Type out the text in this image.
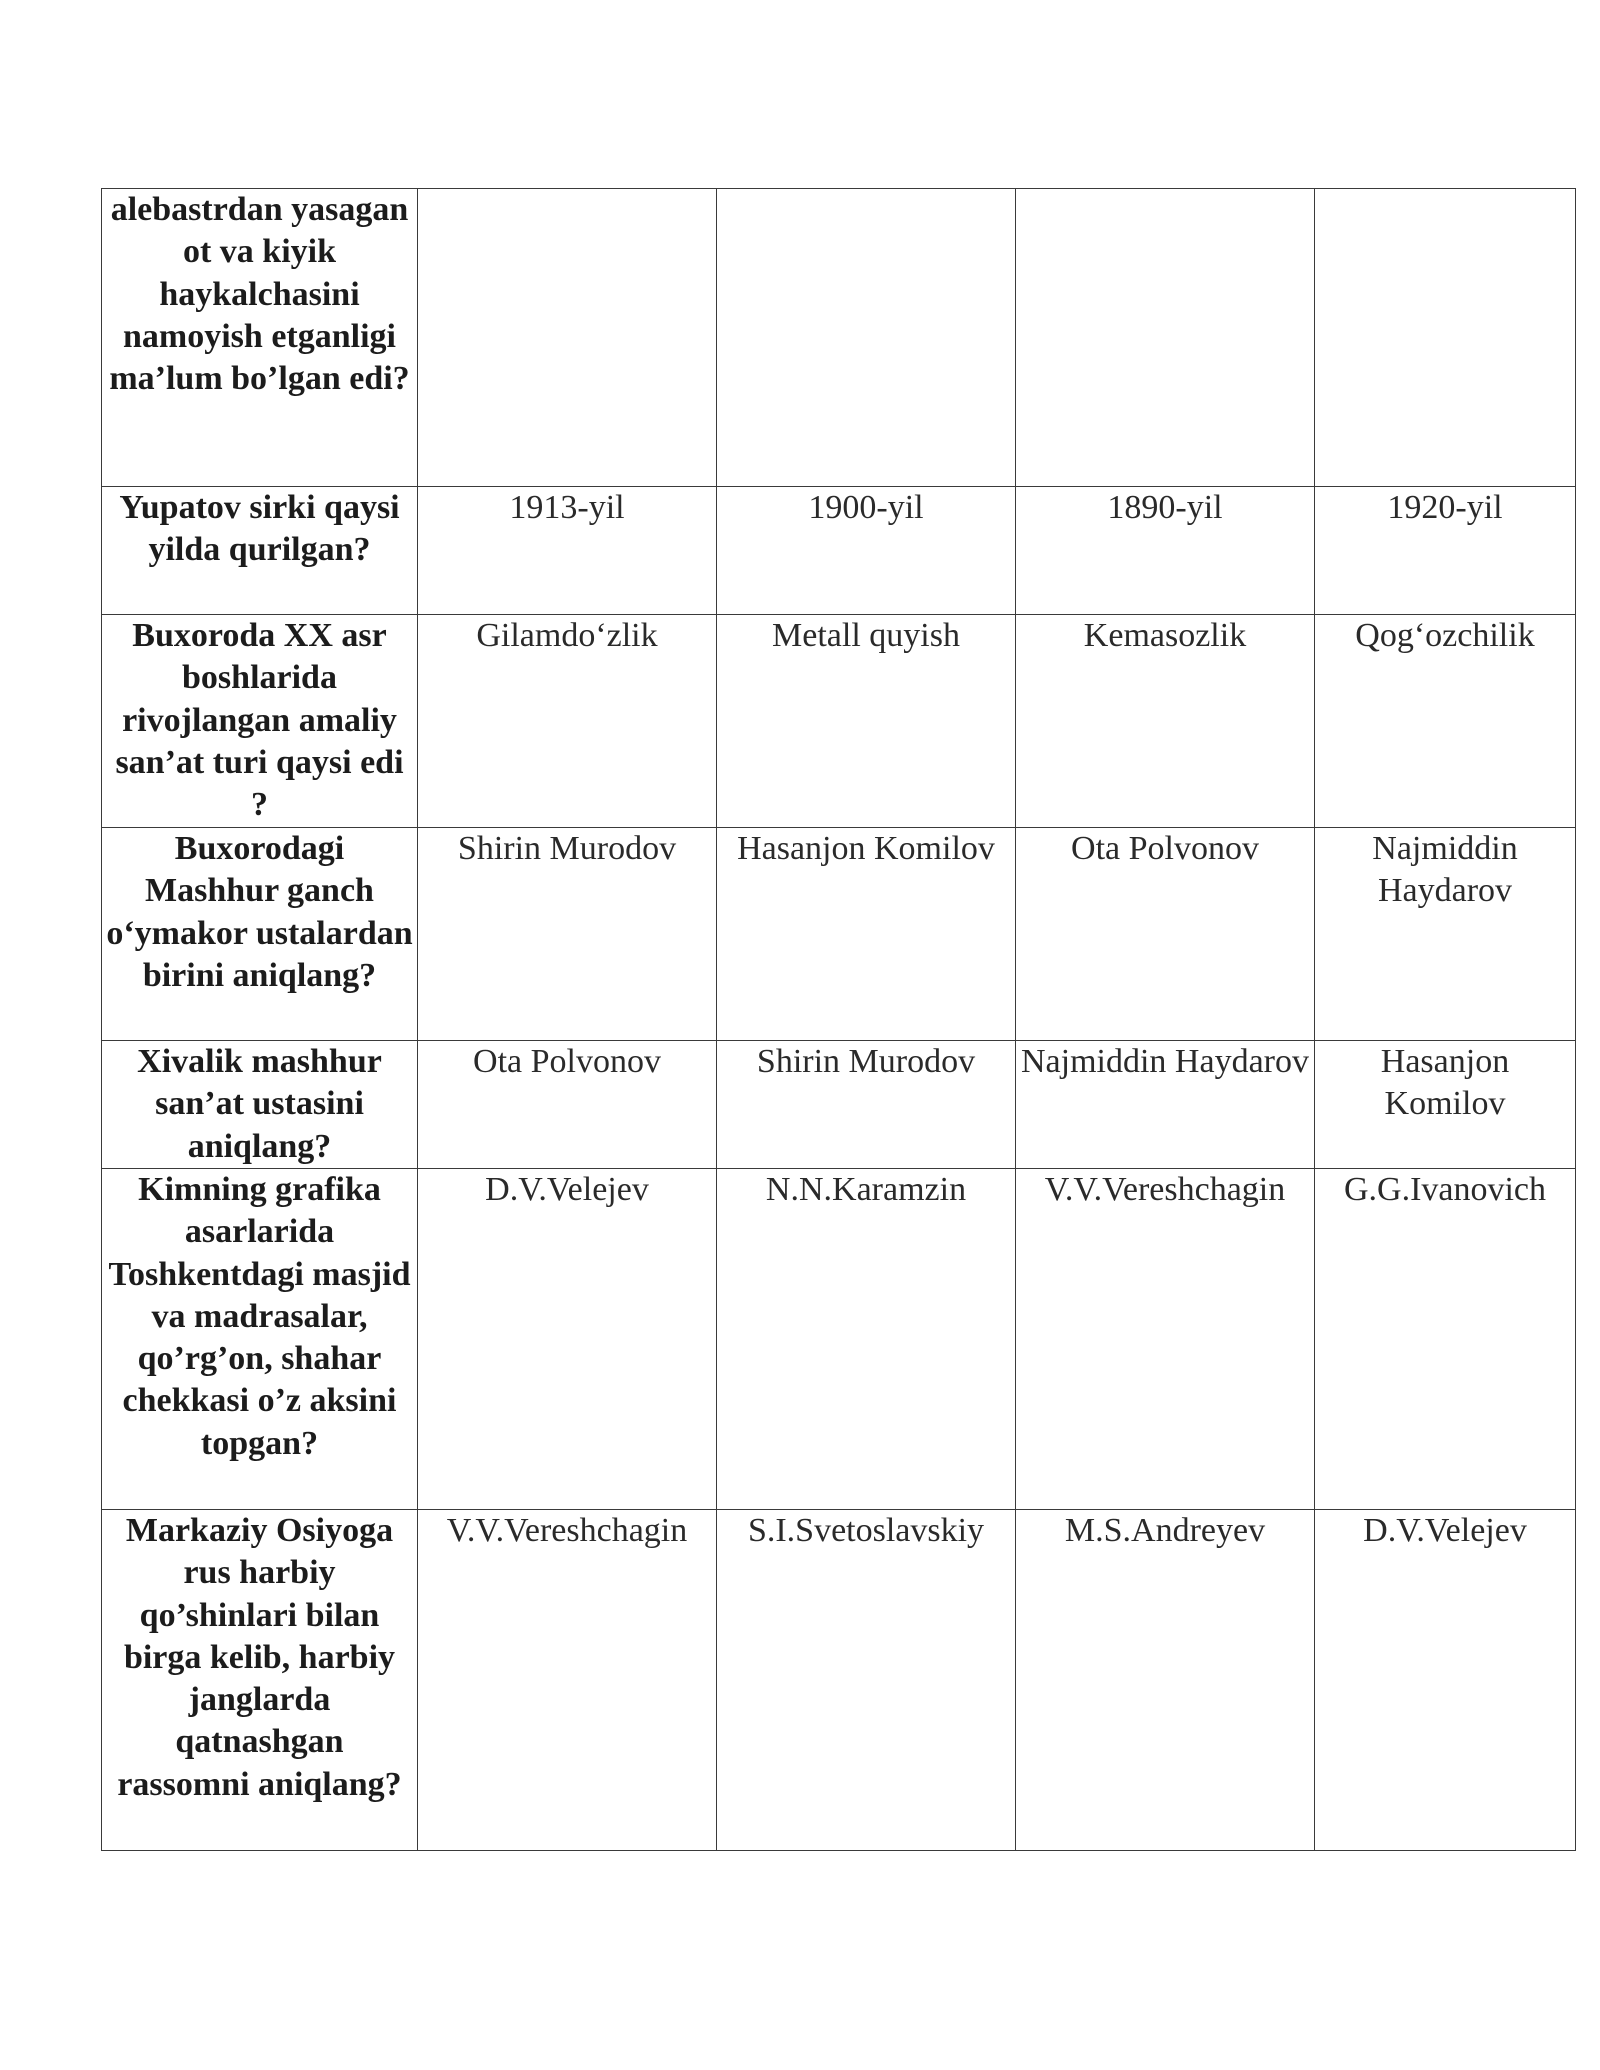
alebastrdan yasagan ot va kiyik haykalchasini namoyish etganligi ma’lum bo’lgan edi?				
Yupatov sirki qaysi yilda qurilgan?	1913-yil	1900-yil	1890-yil	1920-yil
Buxoroda XX asr boshlarida rivojlangan amaliy san’at turi qaysi edi ?	Gilamdo‘zlik	Metall quyish	Kemasozlik	Qog‘ozchilik
Buxorodagi Mashhur ganch o‘ymakor ustalardan birini aniqlang?	Shirin Murodov	Hasanjon Komilov	Ota Polvonov	Najmiddin Haydarov
Xivalik mashhur san’at ustasini aniqlang?	Ota Polvonov	Shirin Murodov	Najmiddin Haydarov	Hasanjon Komilov
Kimning grafika asarlarida Toshkentdagi masjid va madrasalar, qo’rg’on, shahar chekkasi o’z aksini topgan?	D.V.Velejev	N.N.Karamzin	V.V.Vereshchagin	G.G.Ivanovich
Markaziy Osiyoga rus harbiy qo’shinlari bilan birga kelib, harbiy janglarda qatnashgan rassomni aniqlang?	V.V.Vereshchagin	S.I.Svetoslavskiy	M.S.Andreyev	D.V.Velejev
